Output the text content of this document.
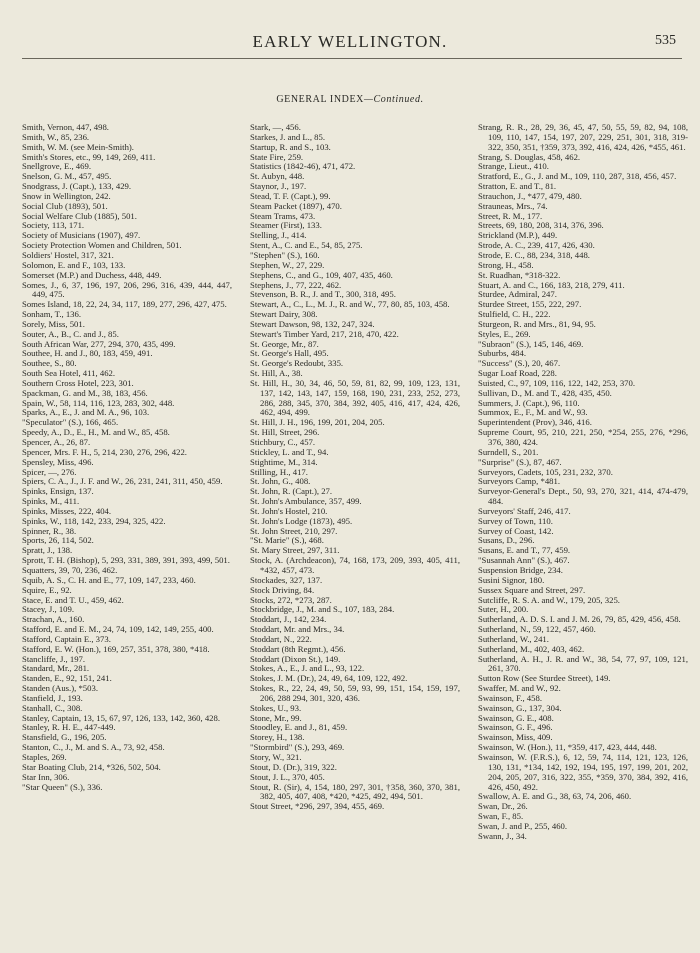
EARLY WELLINGTON.	535
GENERAL INDEX—Continued.
Smith, Vernon, 447, 498.
Smith, W., 85, 236.
Smith, W. M. (see Mein-Smith).
Smith's Stores, etc., 99, 149, 269, 411.
Snellgrove, E., 469.
Snelson, G. M., 457, 495.
Snodgrass, J. (Capt.), 133, 429.
Snow in Wellington, 242.
Social Club (1893), 501.
Social Welfare Club (1885), 501.
Society, 113, 171.
Society of Musicians (1907), 497.
Society Protection Women and Children, 501.
Soldiers' Hostel, 317, 321.
Solomon, E. and F., 103, 133.
Somerset (M.P.) and Duchess, 448, 449.
Somes, J., 6, 37, 196, 197, 206, 296, 316, 439, 444, 447, 449, 475.
Somes Island, 18, 22, 24, 34, 117, 189, 277, 296, 427, 475.
Sonham, T., 136.
Sorely, Miss, 501.
Souter, A., B., C. and J., 85.
South African War, 277, 294, 370, 435, 499.
Southee, H. and J., 80, 183, 459, 491.
Southee, S., 80.
South Sea Hotel, 411, 462.
Southern Cross Hotel, 223, 301.
Spackman, G. and M., 38, 183, 456.
Spain, W., 58, 114, 116, 123, 283, 302, 448.
Sparks, A., E., J. and M. A., 96, 103.
"Speculator" (S.), 166, 465.
Speedy, A., D., E., H., M. and W., 85, 458.
Spencer, A., 26, 87.
Spencer, Mrs. F. H., 5, 214, 230, 276, 296, 422.
Spensley, Miss, 496.
Spicer, —, 276.
Spiers, C. A., J., J. F. and W., 26, 231, 241, 311, 450, 459.
Spinks, Ensign, 137.
Spinks, M., 411.
Spinks, Misses, 222, 404.
Spinks, W., 118, 142, 233, 294, 325, 422.
Spinner, R., 38.
Sports, 26, 114, 502.
Spratt, J., 138.
Sprott, T. H. (Bishop), 5, 293, 331, 389, 391, 393, 499, 501.
Squatters, 39, 70, 236, 462.
Squib, A. S., C. H. and E., 77, 109, 147, 233, 460.
Squire, E., 92.
Stace, E. and T. U., 459, 462.
Stacey, J., 109.
Strachan, A., 160.
Stafford, E. and E. M., 24, 74, 109, 142, 149, 255, 400.
Stafford, Captain E., 373.
Stafford, E. W. (Hon.), 169, 257, 351, 378, 380, *418.
Stancliffe, J., 197.
Standard, Mr., 281.
Standen, E., 92, 151, 241.
Standen (Aus.), *503.
Stanfield, J., 193.
Stanhall, C., 308.
Stanley, Captain, 13, 15, 67, 97, 126, 133, 142, 360, 428.
Stanley, R. H. E., 447-449.
Stansfield, G., 196, 205.
Stanton, C., J., M. and S. A., 73, 92, 458.
Staples, 269.
Star Boating Club, 214, *326, 502, 504.
Star Inn, 306.
"Star Queen" (S.), 336.
Stark, —, 456.
Starkes, J. and L., 85.
Startup, R. and S., 103.
State Fire, 259.
Statistics (1842-46), 471, 472.
St. Aubyn, 448.
Staynor, J., 197.
Stead, T. F. (Capt.), 99.
Steam Packet (1897), 470.
Steam Trams, 473.
Steamer (First), 133.
Stelling, J., 414.
Stent, A., C. and E., 54, 85, 275.
"Stephen" (S.), 160.
Stephen, W., 27, 229.
Stephens, C., and G., 109, 407, 435, 460.
Stephens, J., 77, 222, 462.
Stevenson, B. R., J. and T., 300, 318, 495.
Stewart, A., C., L., M. J., R. and W., 77, 80, 85, 103, 458.
Stewart Dairy, 308.
Stewart Dawson, 98, 132, 247, 324.
Stewart's Timber Yard, 217, 218, 470, 422.
St. George, Mr., 87.
St. George's Hall, 495.
St. George's Redoubt, 335.
St. Hill, A., 38.
St. Hill, H., 30, 34, 46, 50, 59, 81, 82, 99, 109, 123, 131, 137, 142, 143, 147, 159, 168, 190, 231, 233, 252, 273, 286, 288, 345, 370, 384, 392, 405, 416, 417, 424, 426, 462, 494, 499.
St. Hill, J. H., 196, 199, 201, 204, 205.
St. Hill, Street, 296.
Stichbury, C., 457.
Stickley, L. and T., 94.
Stightime, M., 314.
Stilling, H., 417.
St. John, G., 408.
St. John, R. (Capt.), 27.
St. John's Ambulance, 357, 499.
St. John's Hostel, 210.
St. John's Lodge (1873), 495.
St. John Street, 210, 297.
"St. Marie" (S.), 468.
St. Mary Street, 297, 311.
Stock, A. (Archdeacon), 74, 168, 173, 209, 393, 405, 411, *432, 457, 473.
Stockades, 327, 137.
Stock Driving, 84.
Stocks, 272, *273, 287.
Stockbridge, J., M. and S., 107, 183, 284.
Stoddart, J., 142, 234.
Stoddart, Mr. and Mrs., 34.
Stoddart, N., 222.
Stoddart (8th Regmt.), 456.
Stoddart (Dixon St.), 149.
Stokes, A., E., J. and L., 93, 122.
Stokes, J. M. (Dr.), 24, 49, 64, 109, 122, 492.
Stokes, R., 22, 24, 49, 50, 59, 93, 99, 151, 154, 159, 197, 206, 288 294, 301, 320, 436.
Stokes, U., 93.
Stone, Mr., 99.
Stoodley, E. and J., 81, 459.
Storey, H., 138.
"Stormbird" (S.), 293, 469.
Story, W., 321.
Stout, D. (Dr.), 319, 322.
Stout, J. L., 370, 405.
Stout, R. (Sir), 4, 154, 180, 297, 301, †358, 360, 370, 381, 382, 405, 407, 408, *420, *425, 492, 494, 501.
Stout Street, *296, 297, 394, 455, 469.
Strang, R. R., 28, 29, 36, 45, 47, 50, 55, 59, 82, 94, 108, 109, 110, 147, 154, 197, 207, 229, 251, 301, 318, 319-322, 350, 351, †359, 373, 392, 416, 424, 426, *455, 461.
Strang, S. Douglas, 458, 462.
Strange, Lieut., 410.
Stratford, E., G., J. and M., 109, 110, 287, 318, 456, 457.
Stratton, E. and T., 81.
Strauchon, J., *477, 479, 480.
Strauneas, Mrs., 74.
Street, R. M., 177.
Streets, 69, 180, 208, 314, 376, 396.
Strickland (M.P.), 449.
Strode, A. C., 239, 417, 426, 430.
Strode, E. C., 88, 234, 318, 448.
Strong, H., 458.
St. Ruadhan, *318-322.
Stuart, A. and C., 166, 183, 218, 279, 411.
Sturdee, Admiral, 247.
Sturdee Street, 155, 222, 297.
Stulfield, C. H., 222.
Sturgeon, R. and Mrs., 81, 94, 95.
Styles, E., 269.
"Subraon" (S.), 145, 146, 469.
Suburbs, 484.
"Success" (S.), 20, 467.
Sugar Loaf Road, 228.
Suisted, C., 97, 109, 116, 122, 142, 253, 370.
Sullivan, D., M. and T., 428, 435, 450.
Summers, J. (Capt.), 96, 110.
Summox, E., F., M. and W., 93.
Superintendent (Prov), 346, 416.
Supreme Court, 95, 210, 221, 250, *254, 255, 276, *296, 376, 380, 424.
Surndell, S., 201.
"Surprise" (S.), 87, 467.
Surveyors, Cadets, 105, 231, 232, 370.
Surveyors Camp, *481.
Surveyor-General's Dept., 50, 93, 270, 321, 414, 474-479, 484.
Surveyors' Staff, 246, 417.
Survey of Town, 110.
Survey of Coast, 142.
Susans, D., 296.
Susans, E. and T., 77, 459.
"Susannah Ann" (S.), 467.
Suspension Bridge, 234.
Susini Signor, 180.
Sussex Square and Street, 297.
Sutcliffe, R. S. A. and W., 179, 205, 325.
Suter, H., 200.
Sutherland, A. D. S. I. and J. M. 26, 79, 85, 429, 456, 458.
Sutherland, N., 59, 122, 457, 460.
Sutherland, W., 241.
Sutherland, M., 402, 403, 462.
Sutherland, A. H., J. R. and W., 38, 54, 77, 97, 109, 121, 261, 370.
Sutton Row (See Sturdee Street), 149.
Swaffer, M. and W., 92.
Swainson, F., 458.
Swainson, G., 137, 304.
Swainson, G. E., 408.
Swainson, G. F., 496.
Swainson, Miss, 409.
Swainson, W. (Hon.), 11, *359, 417, 423, 444, 448.
Swainson, W. (F.R.S.), 6, 12, 59, 74, 114, 121, 123, 126, 130, 131, *134, 142, 192, 194, 195, 197, 199, 201, 202, 204, 205, 207, 316, 322, 355, *359, 370, 384, 392, 416, 426, 450, 492.
Swallow, A. E. and G., 38, 63, 74, 206, 460.
Swan, Dr., 26.
Swan, F., 85.
Swan, J. and P., 255, 460.
Swann, J., 34.
